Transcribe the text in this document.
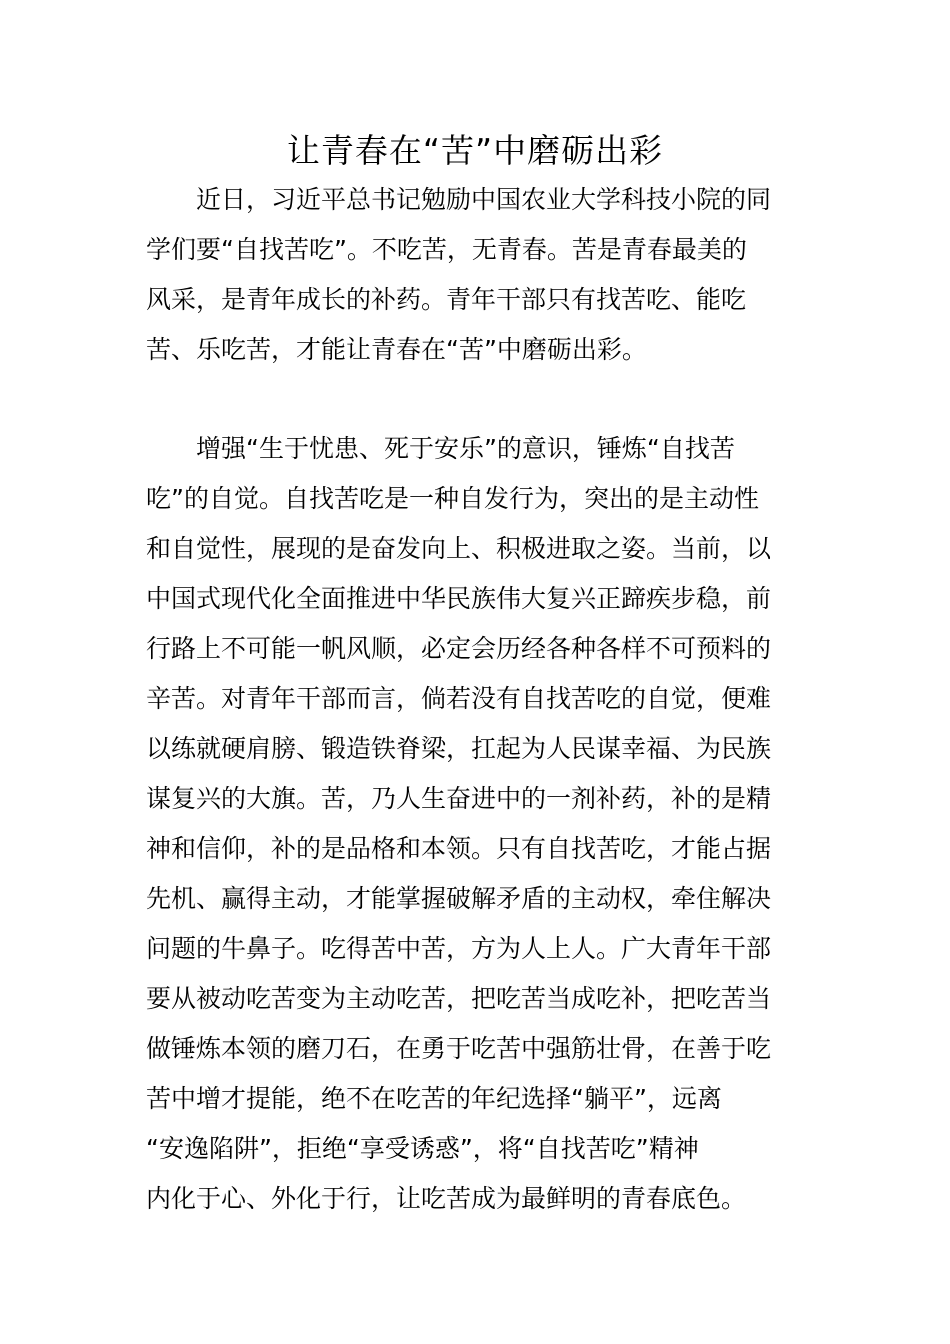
让青春在“苦”中磨砺出彩
　　近日，习近平总书记勉励中国农业大学科技小院的同
学们要“自找苦吃”。不吃苦，无青春。苦是青春最美的
风采，是青年成长的补药。青年干部只有找苦吃、能吃
苦、乐吃苦，才能让青春在“苦”中磨砺出彩。
　　增强“生于忧患、死于安乐”的意识，锤炼“自找苦
吃”的自觉。自找苦吃是一种自发行为，突出的是主动性
和自觉性，展现的是奋发向上、积极进取之姿。当前，以
中国式现代化全面推进中华民族伟大复兴正蹄疾步稳，前
行路上不可能一帆风顺，必定会历经各种各样不可预料的
辛苦。对青年干部而言，倘若没有自找苦吃的自觉，便难
以练就硬肩膀、锻造铁脊梁，扛起为人民谋幸福、为民族
谋复兴的大旗。苦，乃人生奋进中的一剂补药，补的是精
神和信仰，补的是品格和本领。只有自找苦吃，才能占据
先机、赢得主动，才能掌握破解矛盾的主动权，牵住解决
问题的牛鼻子。吃得苦中苦，方为人上人。广大青年干部
要从被动吃苦变为主动吃苦，把吃苦当成吃补，把吃苦当
做锤炼本领的磨刀石，在勇于吃苦中强筋壮骨，在善于吃
苦中增才提能，绝不在吃苦的年纪选择“躺平”，远离
“安逸陷阱”，拒绝“享受诱惑”，将“自找苦吃”精神
内化于心、外化于行，让吃苦成为最鲜明的青春底色。
